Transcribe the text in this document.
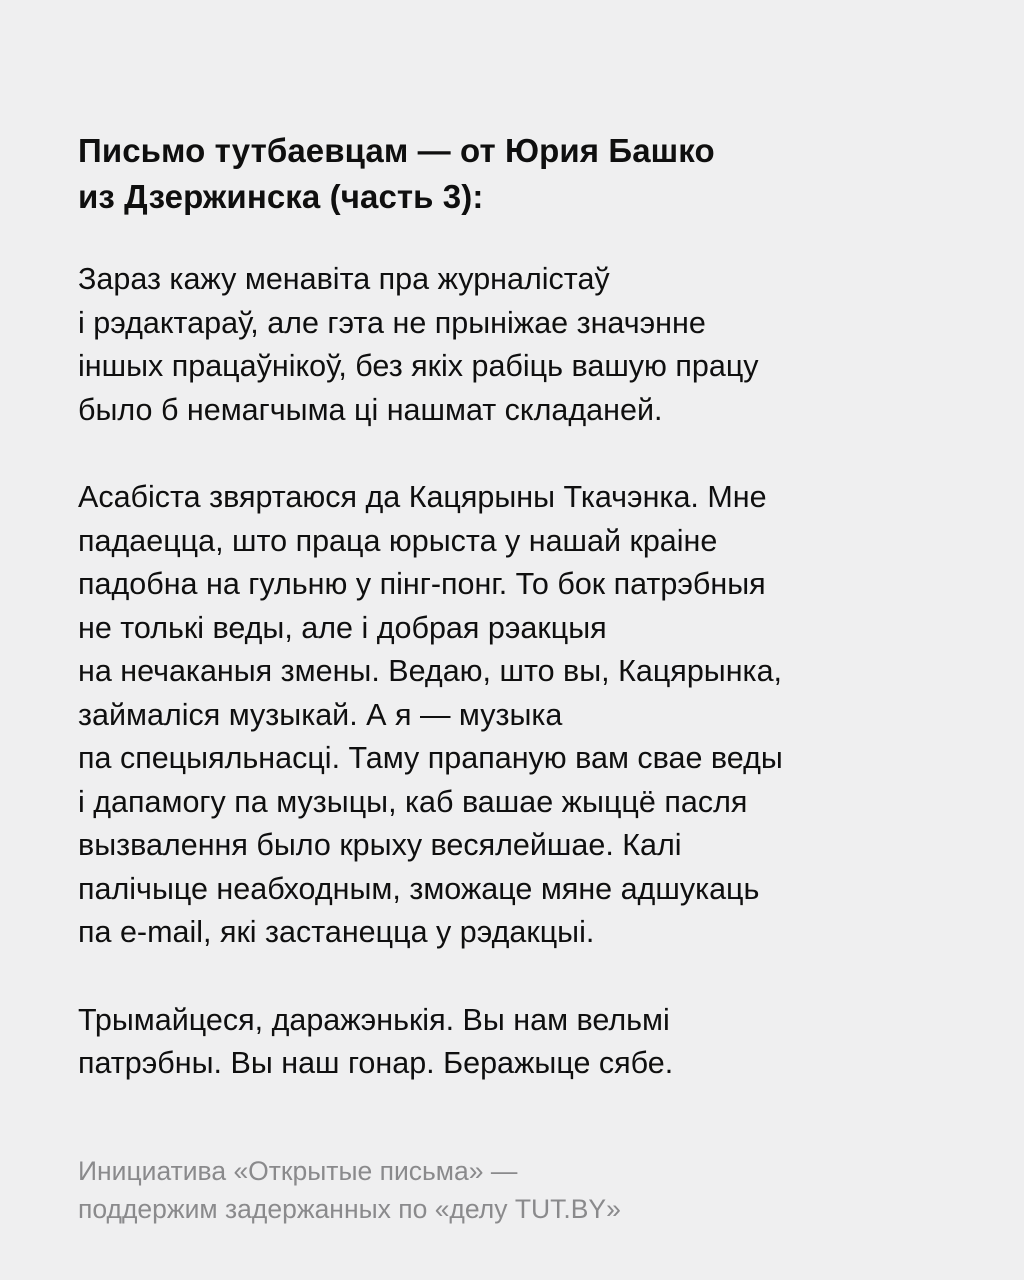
Письмо тутбаевцам — от Юрия Башко
из Дзержинска (часть 3):

Зараз кажу менавіта пра журналістаў
і рэдактараў, але гэта не прыніжае значэнне
іншых працаўнікоў, без якіх рабіць вашую працу
было б немагчыма ці нашмат складаней.

Асабіста звяртаюся да Кацярыны Ткачэнка. Мне
падаецца, што праца юрыста у нашай краіне
падобна на гульню у пінг-понг. То бок патрэбныя
не толькі веды, але і добрая рэакцыя
на нечаканыя змены. Ведаю, што вы, Кацярынка,
займаліся музыкай. А я — музыка
па спецыяльнасці. Таму прапаную вам свае веды
і дапамогу па музыцы, каб вашае жыццё пасля
вызвалення было крыху весялейшае. Калі
палічыце неабходным, зможаце мяне адшукаць
па e-mail, які застанецца у рэдакцыі.

Трымайцеся, даражэнькія. Вы нам вельмі
патрэбны. Вы наш гонар. Беражыце сябе.

Инициатива «Открытые письма» —
поддержим задержанных по «делу TUT.BY»
